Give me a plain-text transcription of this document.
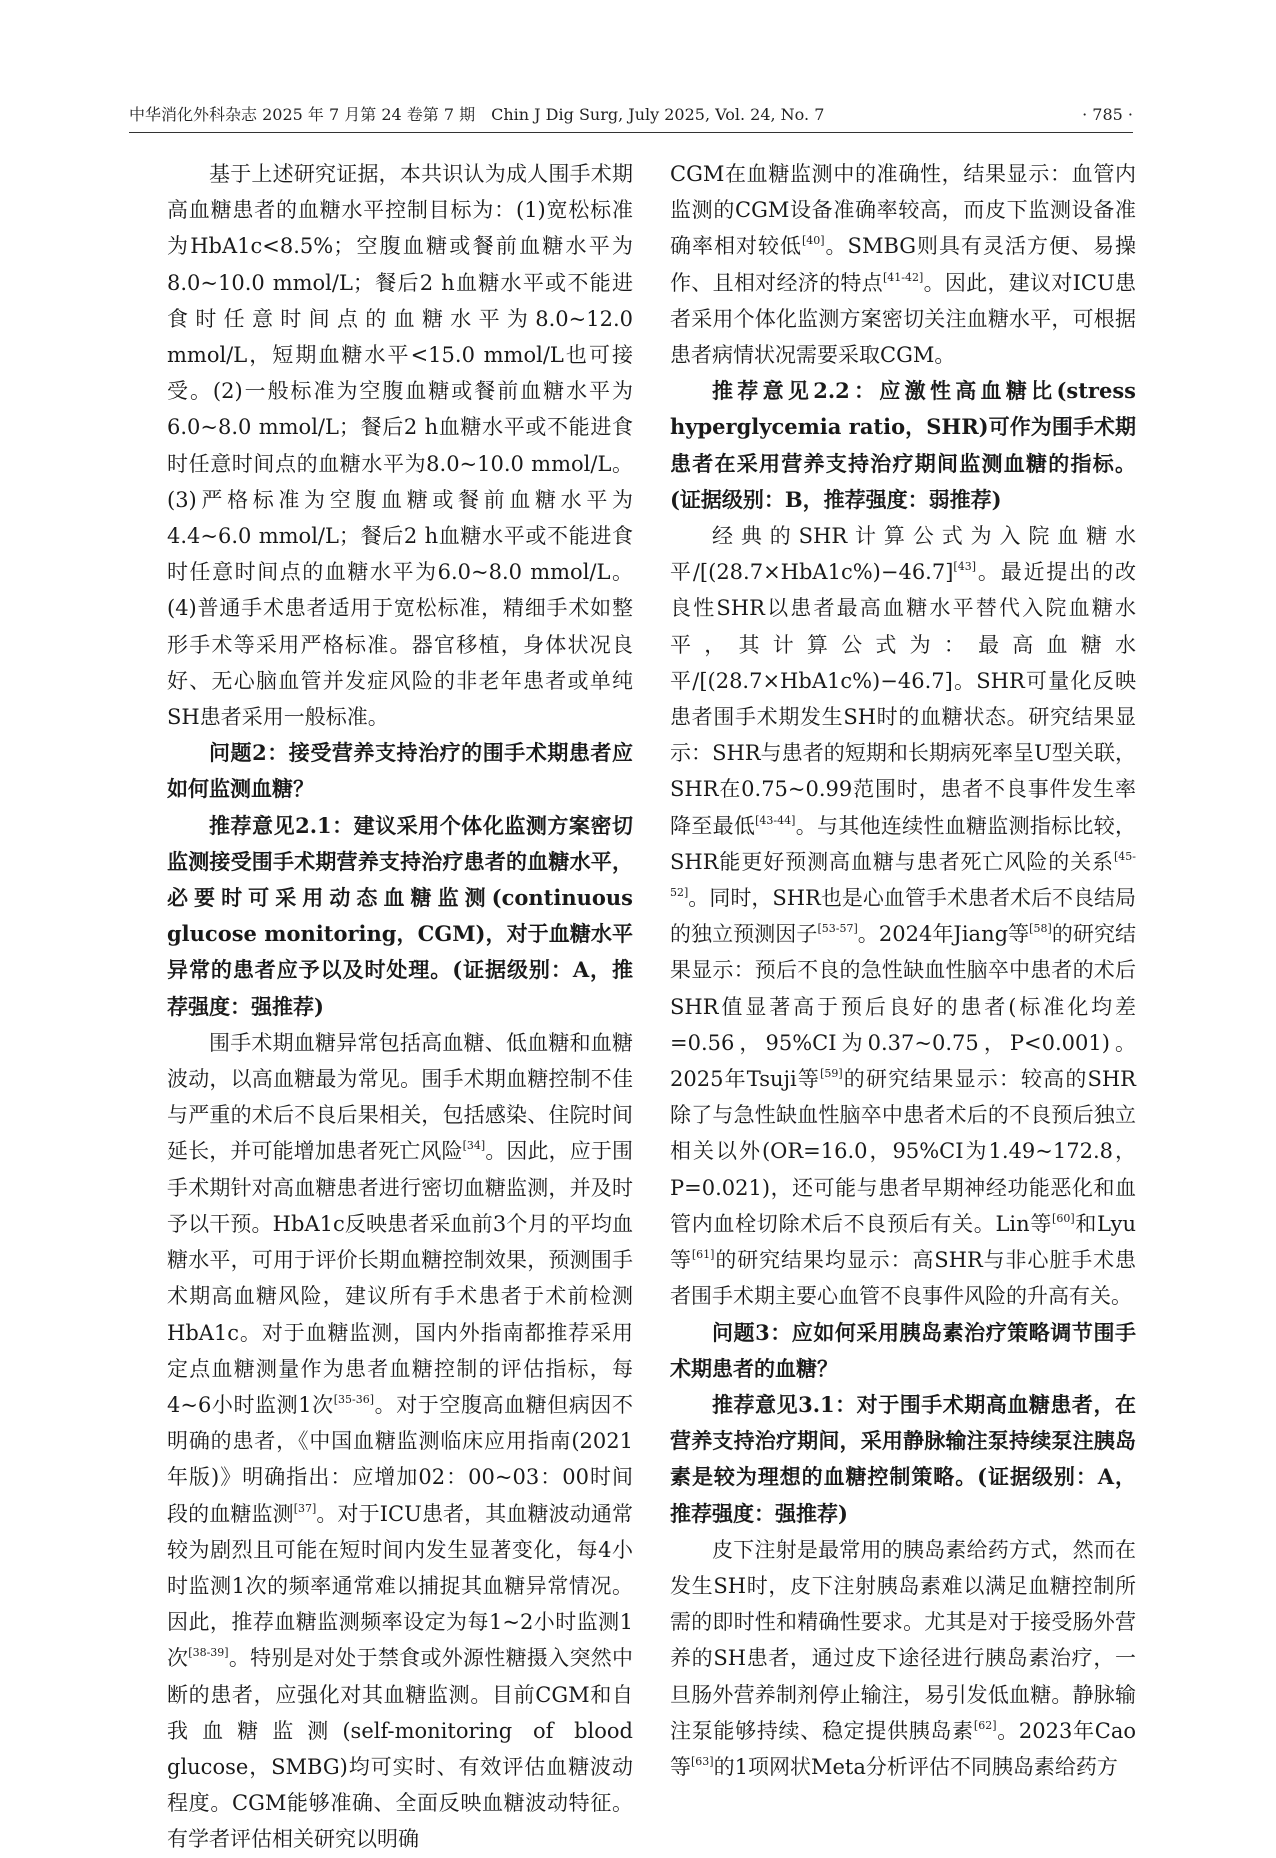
中华消化外科杂志 2025 年 7 月第 24 卷第 7 期　Chin J Dig Surg, July 2025, Vol. 24, No. 7	· 785 ·

基于上述研究证据，本共识认为成人围手术期高血糖患者的血糖水平控制目标为：(1)宽松标准为HbA1c<8.5%；空腹血糖或餐前血糖水平为8.0~10.0 mmol/L；餐后2 h血糖水平或不能进食时任意时间点的血糖水平为8.0~12.0 mmol/L，短期血糖水平<15.0 mmol/L也可接受。(2)一般标准为空腹血糖或餐前血糖水平为6.0~8.0 mmol/L；餐后2 h血糖水平或不能进食时任意时间点的血糖水平为8.0~10.0 mmol/L。(3)严格标准为空腹血糖或餐前血糖水平为4.4~6.0 mmol/L；餐后2 h血糖水平或不能进食时任意时间点的血糖水平为6.0~8.0 mmol/L。(4)普通手术患者适用于宽松标准，精细手术如整形手术等采用严格标准。器官移植，身体状况良好、无心脑血管并发症风险的非老年患者或单纯SH患者采用一般标准。

问题2：接受营养支持治疗的围手术期患者应如何监测血糖？

推荐意见2.1：建议采用个体化监测方案密切监测接受围手术期营养支持治疗患者的血糖水平，必要时可采用动态血糖监测(continuous glucose monitoring，CGM)，对于血糖水平异常的患者应予以及时处理。(证据级别：A，推荐强度：强推荐)

围手术期血糖异常包括高血糖、低血糖和血糖波动，以高血糖最为常见。围手术期血糖控制不佳与严重的术后不良后果相关，包括感染、住院时间延长，并可能增加患者死亡风险[34]。因此，应于围手术期针对高血糖患者进行密切血糖监测，并及时予以干预。HbA1c反映患者采血前3个月的平均血糖水平，可用于评价长期血糖控制效果，预测围手术期高血糖风险，建议所有手术患者于术前检测HbA1c。对于血糖监测，国内外指南都推荐采用定点血糖测量作为患者血糖控制的评估指标，每4~6小时监测1次[35-36]。对于空腹高血糖但病因不明确的患者，《中国血糖监测临床应用指南(2021年版)》明确指出：应增加02：00~03：00时间段的血糖监测[37]。对于ICU患者，其血糖波动通常较为剧烈且可能在短时间内发生显著变化，每4小时监测1次的频率通常难以捕捉其血糖异常情况。因此，推荐血糖监测频率设定为每1~2小时监测1次[38-39]。特别是对处于禁食或外源性糖摄入突然中断的患者，应强化对其血糖监测。目前CGM和自我血糖监测(self-monitoring of blood glucose，SMBG)均可实时、有效评估血糖波动程度。CGM能够准确、全面反映血糖波动特征。有学者评估相关研究以明确

CGM在血糖监测中的准确性，结果显示：血管内监测的CGM设备准确率较高，而皮下监测设备准确率相对较低[40]。SMBG则具有灵活方便、易操作、且相对经济的特点[41-42]。因此，建议对ICU患者采用个体化监测方案密切关注血糖水平，可根据患者病情状况需要采取CGM。

推荐意见2.2：应激性高血糖比(stress hyperglycemia ratio，SHR)可作为围手术期患者在采用营养支持治疗期间监测血糖的指标。(证据级别：B，推荐强度：弱推荐)

经典的SHR计算公式为入院血糖水平/[(28.7×HbA1c%)−46.7][43]。最近提出的改良性SHR以患者最高血糖水平替代入院血糖水平，其计算公式为：最高血糖水平/[(28.7×HbA1c%)−46.7]。SHR可量化反映患者围手术期发生SH时的血糖状态。研究结果显示：SHR与患者的短期和长期病死率呈U型关联，SHR在0.75~0.99范围时，患者不良事件发生率降至最低[43-44]。与其他连续性血糖监测指标比较，SHR能更好预测高血糖与患者死亡风险的关系[45-52]。同时，SHR也是心血管手术患者术后不良结局的独立预测因子[53-57]。2024年Jiang等[58]的研究结果显示：预后不良的急性缺血性脑卒中患者的术后SHR值显著高于预后良好的患者(标准化均差=0.56，95%CI为0.37~0.75，P<0.001)。2025年Tsuji等[59]的研究结果显示：较高的SHR除了与急性缺血性脑卒中患者术后的不良预后独立相关以外(OR=16.0，95%CI为1.49~172.8，P=0.021)，还可能与患者早期神经功能恶化和血管内血栓切除术后不良预后有关。Lin等[60]和Lyu等[61]的研究结果均显示：高SHR与非心脏手术患者围手术期主要心血管不良事件风险的升高有关。

问题3：应如何采用胰岛素治疗策略调节围手术期患者的血糖？

推荐意见3.1：对于围手术期高血糖患者，在营养支持治疗期间，采用静脉输注泵持续泵注胰岛素是较为理想的血糖控制策略。(证据级别：A，推荐强度：强推荐)

皮下注射是最常用的胰岛素给药方式，然而在发生SH时，皮下注射胰岛素难以满足血糖控制所需的即时性和精确性要求。尤其是对于接受肠外营养的SH患者，通过皮下途径进行胰岛素治疗，一旦肠外营养制剂停止输注，易引发低血糖。静脉输注泵能够持续、稳定提供胰岛素[62]。2023年Cao等[63]的1项网状Meta分析评估不同胰岛素给药方
